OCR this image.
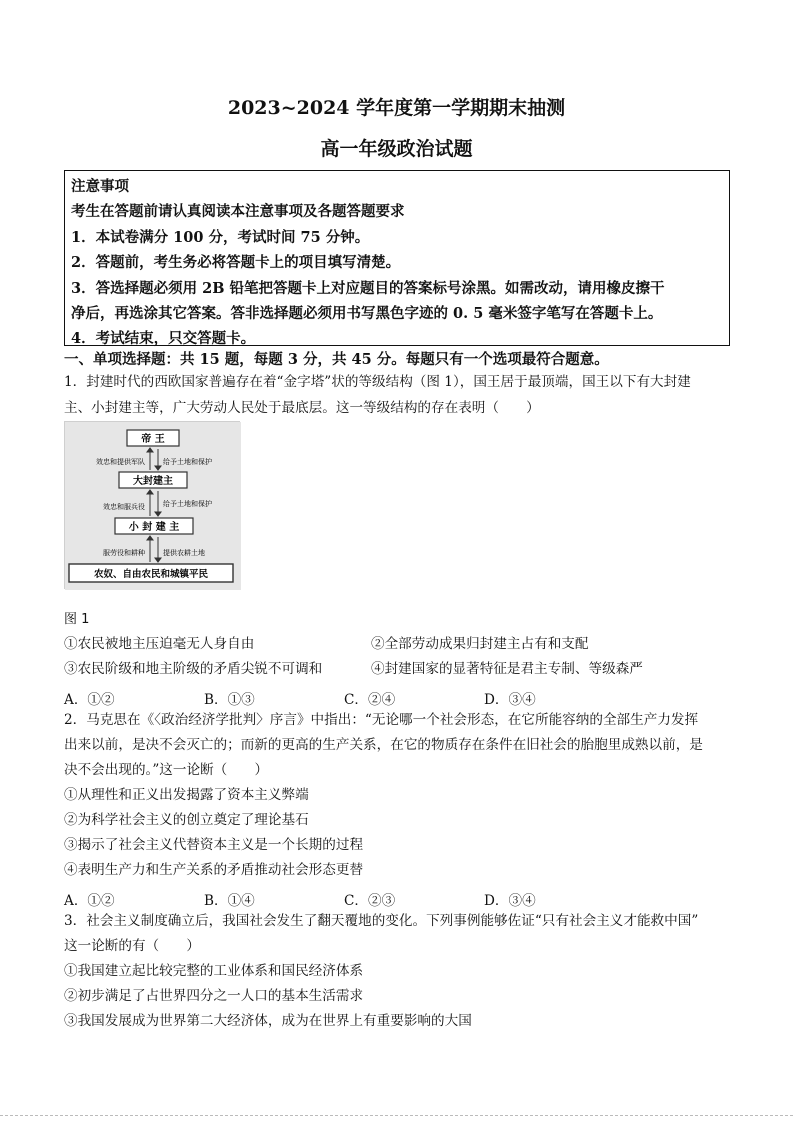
2023~2024 学年度第一学期期末抽测
高一年级政治试题
注意事项
考生在答题前请认真阅读本注意事项及各题答题要求
1．本试卷满分 100 分，考试时间 75 分钟。
2．答题前，考生务必将答题卡上的项目填写清楚。
3．答选择题必须用 2B 铅笔把答题卡上对应题目的答案标号涂黑。如需改动，请用橡皮擦干
净后，再选涂其它答案。答非选择题必须用书写黑色字迹的 0. 5 毫米签字笔写在答题卡上。
4．考试结束，只交答题卡。
一、单项选择题：共 15 题，每题 3 分，共 45 分。每题只有一个选项最符合题意。
1．封建时代的西欧国家普遍存在着“金字塔”状的等级结构（图 1），国王居于最顶端，国王以下有大封建
主、小封建主等，广大劳动人民处于最底层。这一等级结构的存在表明（　　）
帝 王
大封建主
小 封 建 主
农奴、自由农民和城镇平民
效忠和提供军队	给予土地和保护
效忠和服兵役	给予土地和保护
服劳役和耕种	提供农耕土地
图 1
①农民被地主压迫毫无人身自由	②全部劳动成果归封建主占有和支配
③农民阶级和地主阶级的矛盾尖锐不可调和	④封建国家的显著特征是君主专制、等级森严
A．①②	B．①③	C．②④	D．③④
2．马克思在《〈政治经济学批判〉序言》中指出：“无论哪一个社会形态，在它所能容纳的全部生产力发挥
出来以前，是决不会灭亡的；而新的更高的生产关系，在它的物质存在条件在旧社会的胎胞里成熟以前，是
决不会出现的。”这一论断（　　）
①从理性和正义出发揭露了资本主义弊端
②为科学社会主义的创立奠定了理论基石
③揭示了社会主义代替资本主义是一个长期的过程
④表明生产力和生产关系的矛盾推动社会形态更替
A．①②	B．①④	C．②③	D．③④
3．社会主义制度确立后，我国社会发生了翻天覆地的变化。下列事例能够佐证“只有社会主义才能救中国”
这一论断的有（　　）
①我国建立起比较完整的工业体系和国民经济体系
②初步满足了占世界四分之一人口的基本生活需求
③我国发展成为世界第二大经济体，成为在世界上有重要影响的大国
